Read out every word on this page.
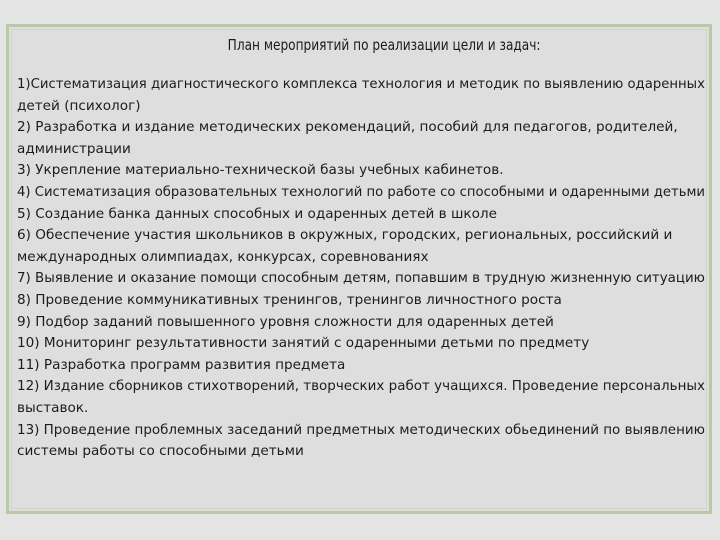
План мероприятий по реализации цели и задач:
1)Систематизация диагностического комплекса технология и методик по выявлению одаренных
детей (психолог)
2) Разработка и издание методических рекомендаций, пособий для педагогов, родителей,
администрации
3) Укрепление материально-технической базы учебных кабинетов.
4) Систематизация образовательных технологий по работе со способными и одаренными детьми
5) Создание банка данных способных и одаренных детей в школе
6) Обеспечение участия школьников в окружных, городских, региональных, российский и
международных олимпиадах, конкурсах, соревнованиях
7) Выявление и оказание помощи способным детям, попавшим в трудную жизненную ситуацию
8) Проведение коммуникативных тренингов, тренингов личностного роста
9) Подбор заданий повышенного уровня сложности для одаренных детей
10) Мониторинг результативности занятий с одаренными детьми по предмету
11) Разработка программ развития предмета
12) Издание сборников стихотворений, творческих работ учащихся. Проведение персональных
выставок.
13) Проведение проблемных заседаний предметных методических обьединений по выявлению
системы работы со способными детьми
